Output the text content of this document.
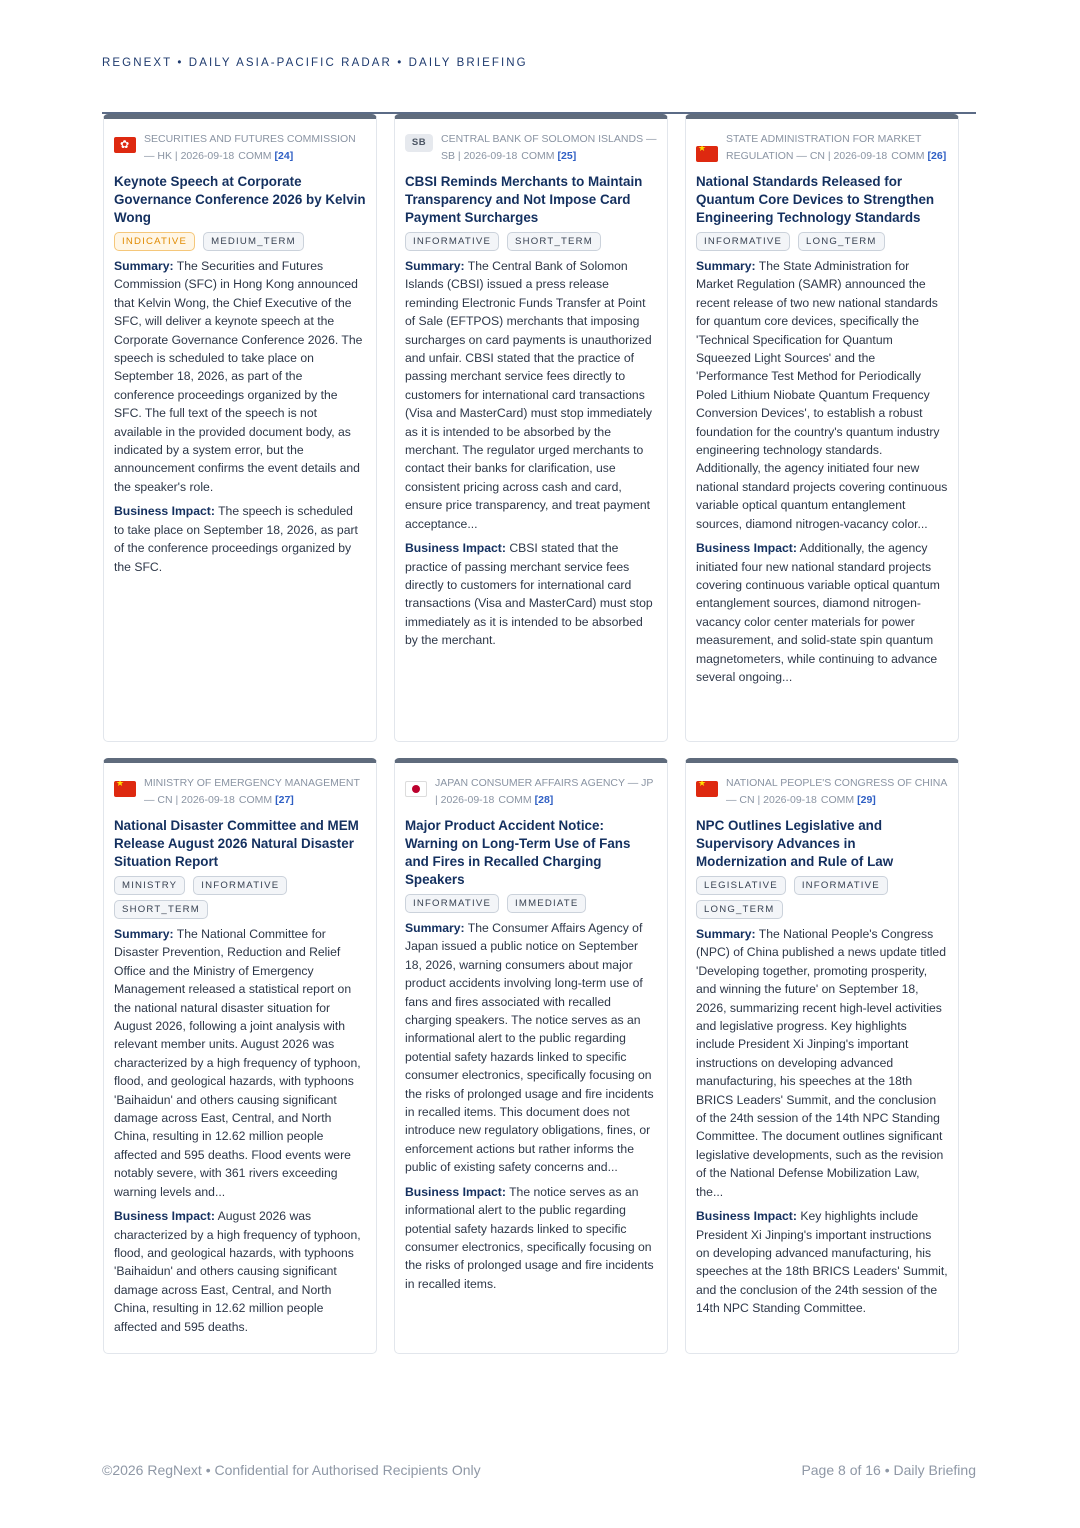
REGNEXT • DAILY ASIA-PACIFIC RADAR • DAILY BRIEFING
✿
SECURITIES AND FUTURES COMMISSION — HK | 2026-09-18 COMM [24]
Keynote Speech at Corporate Governance Conference 2026 by Kelvin Wong
INDICATIVE	MEDIUM_TERM
Summary: The Securities and Futures Commission (SFC) in Hong Kong announced that Kelvin Wong, the Chief Executive of the SFC, will deliver a keynote speech at the Corporate Governance Conference 2026. The speech is scheduled to take place on September 18, 2026, as part of the conference proceedings organized by the SFC. The full text of the speech is not available in the provided document body, as indicated by a system error, but the announcement confirms the event details and the speaker's role.
Business Impact: The speech is scheduled to take place on September 18, 2026, as part of the conference proceedings organized by the SFC.
SB	CENTRAL BANK OF SOLOMON ISLANDS — SB | 2026-09-18 COMM [25]
CBSI Reminds Merchants to Maintain Transparency and Not Impose Card Payment Surcharges
INFORMATIVE	SHORT_TERM
Summary: The Central Bank of Solomon Islands (CBSI) issued a press release reminding Electronic Funds Transfer at Point of Sale (EFTPOS) merchants that imposing surcharges on card payments is unauthorized and unfair. CBSI stated that the practice of passing merchant service fees directly to customers for international card transactions (Visa and MasterCard) must stop immediately as it is intended to be absorbed by the merchant. The regulator urged merchants to contact their banks for clarification, use consistent pricing across cash and card, ensure price transparency, and treat payment acceptance...
Business Impact: CBSI stated that the practice of passing merchant service fees directly to customers for international card transactions (Visa and MasterCard) must stop immediately as it is intended to be absorbed by the merchant.
★
STATE ADMINISTRATION FOR MARKET REGULATION — CN | 2026-09-18 COMM [26]
National Standards Released for Quantum Core Devices to Strengthen Engineering Technology Standards
INFORMATIVE	LONG_TERM
Summary: The State Administration for Market Regulation (SAMR) announced the recent release of two new national standards for quantum core devices, specifically the 'Technical Specification for Quantum Squeezed Light Sources' and the 'Performance Test Method for Periodically Poled Lithium Niobate Quantum Frequency Conversion Devices', to establish a robust foundation for the country's quantum industry engineering technology standards. Additionally, the agency initiated four new national standard projects covering continuous variable optical quantum entanglement sources, diamond nitrogen-vacancy color...
Business Impact: Additionally, the agency initiated four new national standard projects covering continuous variable optical quantum entanglement sources, diamond nitrogen-vacancy color center materials for power measurement, and solid-state spin quantum magnetometers, while continuing to advance several ongoing...
★
MINISTRY OF EMERGENCY MANAGEMENT — CN | 2026-09-18 COMM [27]
National Disaster Committee and MEM Release August 2026 Natural Disaster Situation Report
MINISTRY	INFORMATIVE
SHORT_TERM
Summary: The National Committee for Disaster Prevention, Reduction and Relief Office and the Ministry of Emergency Management released a statistical report on the national natural disaster situation for August 2026, following a joint analysis with relevant member units. August 2026 was characterized by a high frequency of typhoon, flood, and geological hazards, with typhoons 'Baihaidun' and others causing significant damage across East, Central, and North China, resulting in 12.62 million people affected and 595 deaths. Flood events were notably severe, with 361 rivers exceeding warning levels and...
Business Impact: August 2026 was characterized by a high frequency of typhoon, flood, and geological hazards, with typhoons 'Baihaidun' and others causing significant damage across East, Central, and North China, resulting in 12.62 million people affected and 595 deaths.
JAPAN CONSUMER AFFAIRS AGENCY — JP | 2026-09-18 COMM [28]
Major Product Accident Notice: Warning on Long-Term Use of Fans and Fires in Recalled Charging Speakers
INFORMATIVE	IMMEDIATE
Summary: The Consumer Affairs Agency of Japan issued a public notice on September 18, 2026, warning consumers about major product accidents involving long-term use of fans and fires associated with recalled charging speakers. The notice serves as an informational alert to the public regarding potential safety hazards linked to specific consumer electronics, specifically focusing on the risks of prolonged usage and fire incidents in recalled items. This document does not introduce new regulatory obligations, fines, or enforcement actions but rather informs the public of existing safety concerns and...
Business Impact: The notice serves as an informational alert to the public regarding potential safety hazards linked to specific consumer electronics, specifically focusing on the risks of prolonged usage and fire incidents in recalled items.
★
NATIONAL PEOPLE'S CONGRESS OF CHINA — CN | 2026-09-18 COMM [29]
NPC Outlines Legislative and Supervisory Advances in Modernization and Rule of Law
LEGISLATIVE	INFORMATIVE
LONG_TERM
Summary: The National People's Congress (NPC) of China published a news update titled 'Developing together, promoting prosperity, and winning the future' on September 18, 2026, summarizing recent high-level activities and legislative progress. Key highlights include President Xi Jinping's important instructions on developing advanced manufacturing, his speeches at the 18th BRICS Leaders' Summit, and the conclusion of the 24th session of the 14th NPC Standing Committee. The document outlines significant legislative developments, such as the revision of the National Defense Mobilization Law, the...
Business Impact: Key highlights include President Xi Jinping's important instructions on developing advanced manufacturing, his speeches at the 18th BRICS Leaders' Summit, and the conclusion of the 24th session of the 14th NPC Standing Committee.
©2026 RegNext • Confidential for Authorised Recipients Only	Page 8 of 16 • Daily Briefing
